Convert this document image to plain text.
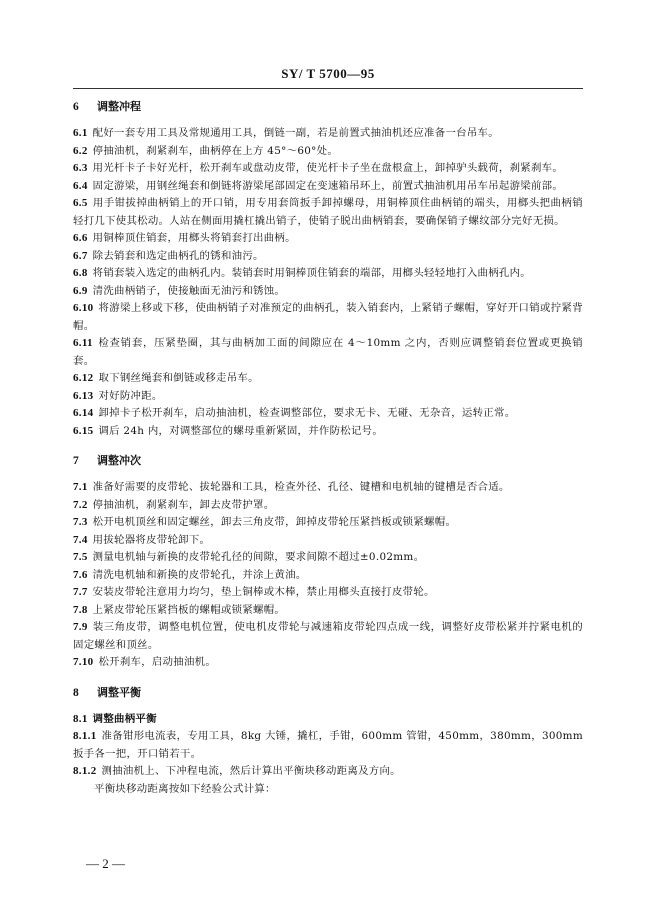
SY/ T 5700—95

6 调整冲程

6.1 配好一套专用工具及常规通用工具，倒链一副，若是前置式抽油机还应准备一台吊车。

6.2 停抽油机，刹紧刹车，曲柄停在上方 45°～60°处。

6.3 用光杆卡子卡好光杆，松开刹车或盘动皮带，使光杆卡子坐在盘根盒上，卸掉驴头载荷，刹紧刹车。

6.4 固定游梁，用钢丝绳套和倒链将游梁尾部固定在变速箱吊环上，前置式抽油机用吊车吊起游梁前部。

6.5 用手钳拔掉曲柄销上的开口销，用专用套筒扳手卸掉螺母，用铜棒顶住曲柄销的端头，用榔头把曲柄销轻打几下使其松动。人站在侧面用撬杠撬出销子，使销子脱出曲柄销套，要确保销子螺纹部分完好无损。

6.6 用铜棒顶住销套，用榔头将销套打出曲柄。

6.7 除去销套和选定曲柄孔的锈和油污。

6.8 将销套装入选定的曲柄孔内。装销套时用铜棒顶住销套的端部，用榔头轻轻地打入曲柄孔内。

6.9 清洗曲柄销子，使接触面无油污和锈蚀。

6.10 将游梁上移或下移，使曲柄销子对准预定的曲柄孔，装入销套内，上紧销子螺帽，穿好开口销或拧紧背帽。

6.11 检查销套，压紧垫圈，其与曲柄加工面的间隙应在 4～10mm 之内，否则应调整销套位置或更换销套。

6.12 取下钢丝绳套和倒链或移走吊车。

6.13 对好防冲距。

6.14 卸掉卡子松开刹车，启动抽油机，检查调整部位，要求无卡、无碰、无杂音，运转正常。

6.15 调后 24h 内，对调整部位的螺母重新紧固，并作防松记号。

7 调整冲次

7.1 准备好需要的皮带轮、拔轮器和工具，检查外径、孔径、键槽和电机轴的键槽是否合适。

7.2 停抽油机，刹紧刹车，卸去皮带护罩。

7.3 松开电机顶丝和固定螺丝，卸去三角皮带，卸掉皮带轮压紧挡板或锁紧螺帽。

7.4 用拔轮器将皮带轮卸下。

7.5 测量电机轴与新换的皮带轮孔径的间隙，要求间隙不超过±0.02mm。

7.6 清洗电机轴和新换的皮带轮孔，并涂上黄油。

7.7 安装皮带轮注意用力均匀，垫上铜棒或木棒，禁止用榔头直接打皮带轮。

7.8 上紧皮带轮压紧挡板的螺帽或锁紧螺帽。

7.9 装三角皮带，调整电机位置，使电机皮带轮与减速箱皮带轮四点成一线，调整好皮带松紧并拧紧电机的固定螺丝和顶丝。

7.10 松开刹车，启动抽油机。

8 调整平衡

8.1 调整曲柄平衡

8.1.1 准备钳形电流表，专用工具，8kg 大锤，撬杠，手钳，600mm 管钳，450mm，380mm，300mm 扳手各一把，开口销若干。

8.1.2 测抽油机上、下冲程电流，然后计算出平衡块移动距离及方向。

平衡块移动距离按如下经验公式计算：

— 2 —
